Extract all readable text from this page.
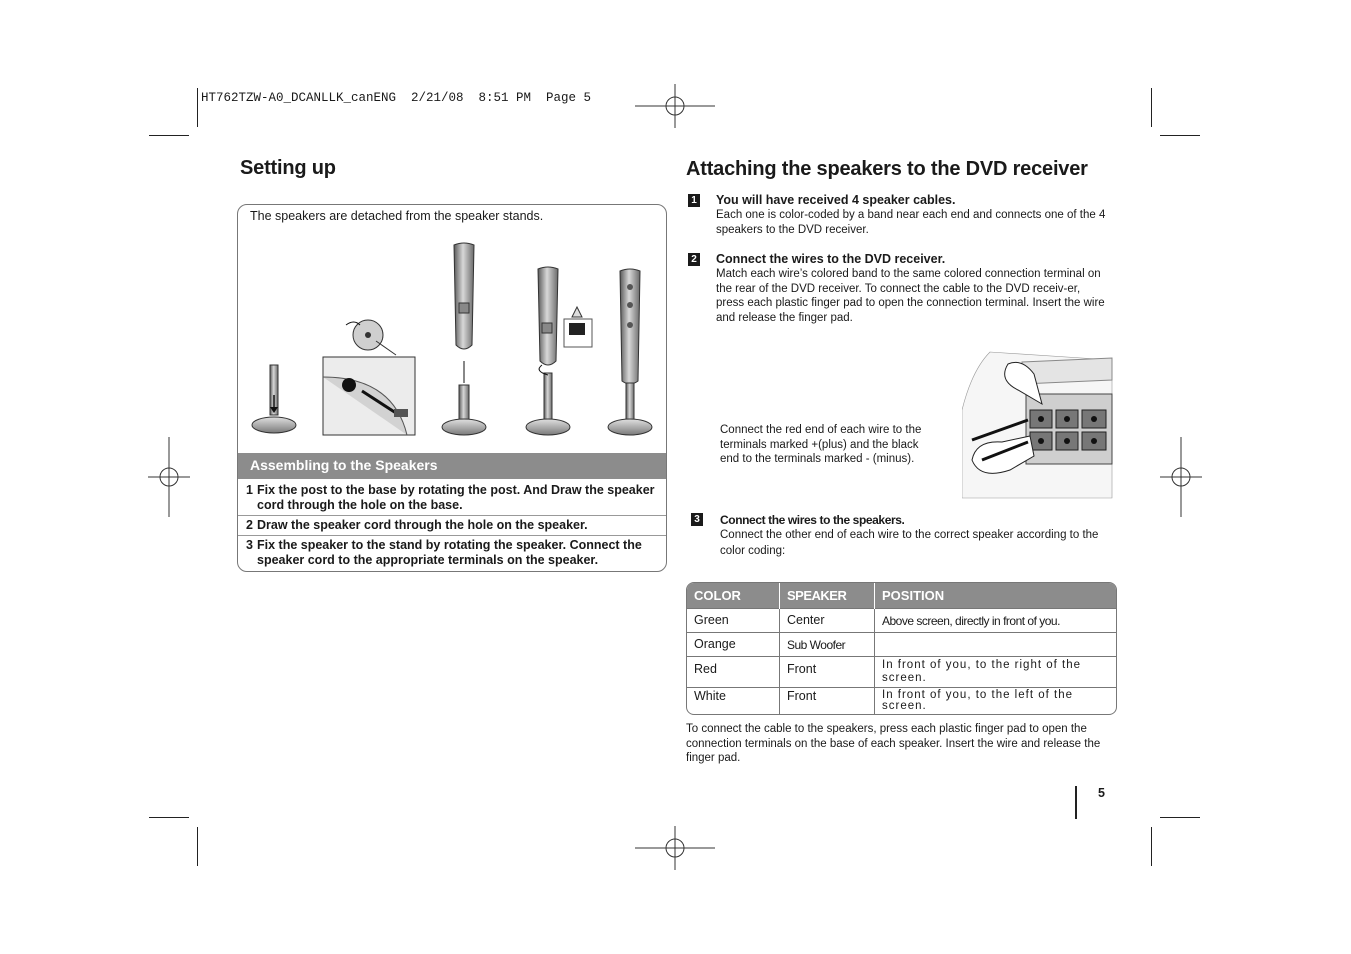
HT762TZW-A0_DCANLLK_canENG  2/21/08  8:51 PM  Page 5
Setting up
The speakers are detached from the speaker stands.
Assembling to the Speakers
1 Fix the post to the base by rotating the post. And Draw the speaker cord through the hole on the base.
2 Draw the speaker cord through the hole on the speaker.
3 Fix the speaker to the stand by rotating the speaker. Connect the speaker cord to the appropriate terminals on the speaker.
Attaching the speakers to the DVD receiver
1 You will have received 4 speaker cables.
Each one is color-coded by a band near each end and connects one of the 4 speakers to the DVD receiver.
2 Connect the wires to the DVD receiver.
Match each wire’s colored band to the same colored connection terminal on the rear of the DVD receiver. To connect the cable to the DVD receiv-er, press each plastic finger pad to open the connection terminal. Insert the wire and release the finger pad.
Connect the red end of each wire to the terminals marked +(plus) and the black end to the terminals marked - (minus).
3 Connect the wires to the speakers.
Connect the other end of each wire to the correct speaker according to the color coding:
COLOR	SPEAKER	POSITION
Green	Center	Above screen, directly in front of you.
Orange	Sub Woofer	
Red	Front	In front of you, to the right of the screen.
White	Front	In front of you, to the left of the screen.
To connect the cable to the speakers, press each plastic finger pad to open the connection terminals on the base of each speaker. Insert the wire and release the finger pad.
5
